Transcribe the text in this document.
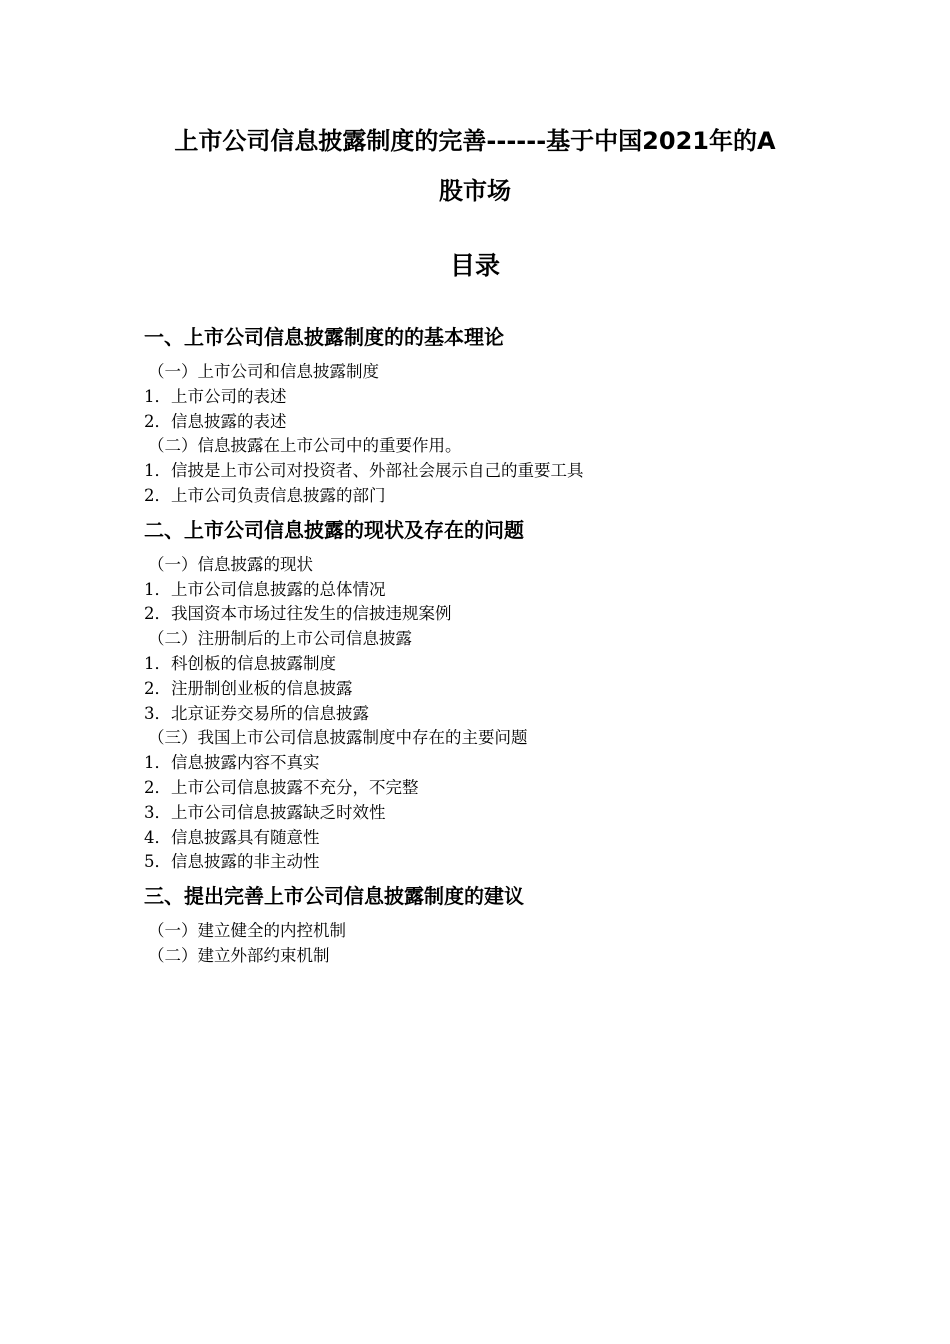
上市公司信息披露制度的完善------基于中国2021年的A
股市场
目录
一、上市公司信息披露制度的的基本理论
（一）上市公司和信息披露制度
1．上市公司的表述
2．信息披露的表述
（二）信息披露在上市公司中的重要作用。
1．信披是上市公司对投资者、外部社会展示自己的重要工具
2．上市公司负责信息披露的部门
二、上市公司信息披露的现状及存在的问题
（一）信息披露的现状
1．上市公司信息披露的总体情况
2．我国资本市场过往发生的信披违规案例
（二）注册制后的上市公司信息披露
1．科创板的信息披露制度
2．注册制创业板的信息披露
3．北京证券交易所的信息披露
（三）我国上市公司信息披露制度中存在的主要问题
1．信息披露内容不真实
2．上市公司信息披露不充分，不完整
3．上市公司信息披露缺乏时效性
4．信息披露具有随意性
5．信息披露的非主动性
三、提出完善上市公司信息披露制度的建议
（一）建立健全的内控机制
（二）建立外部约束机制
